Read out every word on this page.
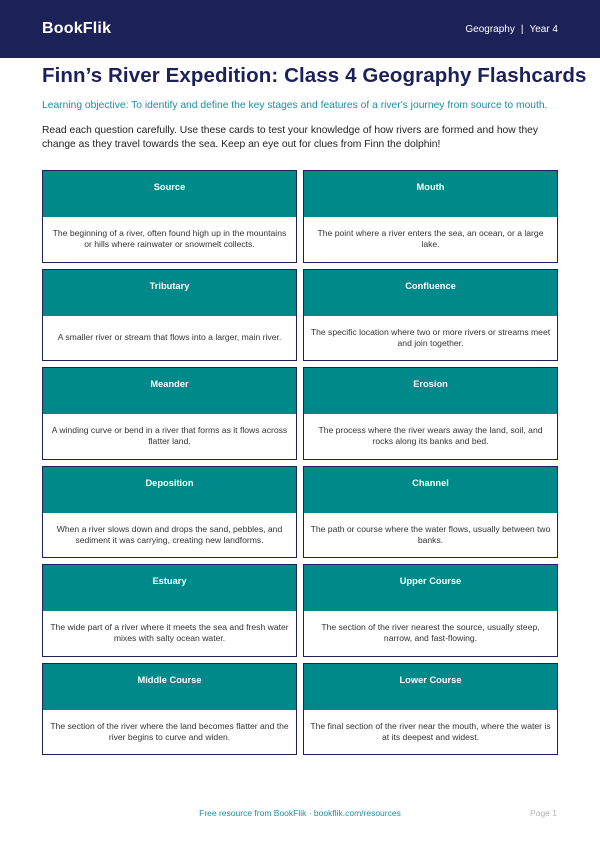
BookFlik	Geography | Year 4
Finn’s River Expedition: Class 4 Geography Flashcards

Learning objective: To identify and define the key stages and features of a river's journey from source to mouth.

Read each question carefully. Use these cards to test your knowledge of how rivers are formed and how they change as they travel towards the sea. Keep an eye out for clues from Finn the dolphin!

Source
The beginning of a river, often found high up in the mountains or hills where rainwater or snowmelt collects.
Mouth
The point where a river enters the sea, an ocean, or a large lake.
Tributary
A smaller river or stream that flows into a larger, main river.
Confluence
The specific location where two or more rivers or streams meet and join together.
Meander
A winding curve or bend in a river that forms as it flows across flatter land.
Erosion
The process where the river wears away the land, soil, and rocks along its banks and bed.
Deposition
When a river slows down and drops the sand, pebbles, and sediment it was carrying, creating new landforms.
Channel
The path or course where the water flows, usually between two banks.
Estuary
The wide part of a river where it meets the sea and fresh water mixes with salty ocean water.
Upper Course
The section of the river nearest the source, usually steep, narrow, and fast-flowing.
Middle Course
The section of the river where the land becomes flatter and the river begins to curve and widen.
Lower Course
The final section of the river near the mouth, where the water is at its deepest and widest.
Free resource from BookFlik · bookflik.com/resources	Page 1
